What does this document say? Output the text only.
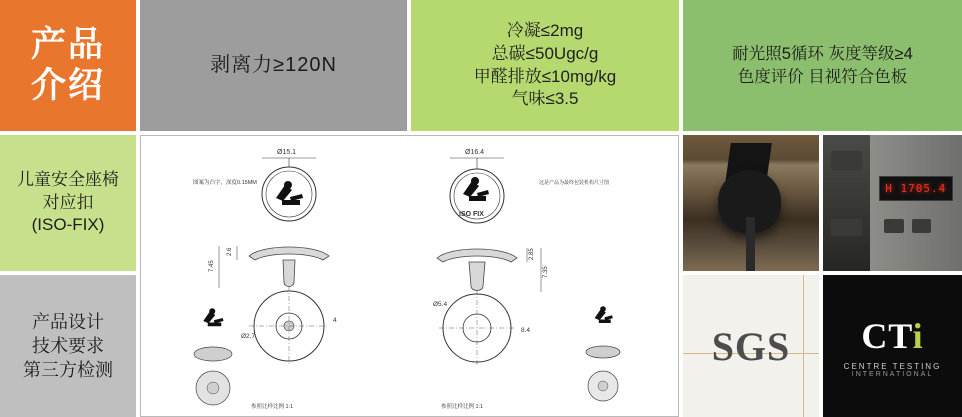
产品
介绍
剥离力≥120N
冷凝≤2mg
总碳≤50Ugc/g
甲醛排放≤10mg/kg
气味≤3.5
耐光照5循环 灰度等级≥4
色度评价 目视符合色板
儿童安全座椅
对应扣
(ISO-FIX)
产品设计
技术要求
第三方检测
图案为凸字，深度0.15MM
Ø15.1
2.6
7.45
Ø2.7
4
参照比样比例 1:1
这是产品为最终包装机构尺寸图
ISO FIX
Ø16.4
2.85
7.35
Ø5.4
8.4
参照比样比例 1:1
H 1705.4
SGS	CTi
CENTRE TESTING
INTERNATIONAL
